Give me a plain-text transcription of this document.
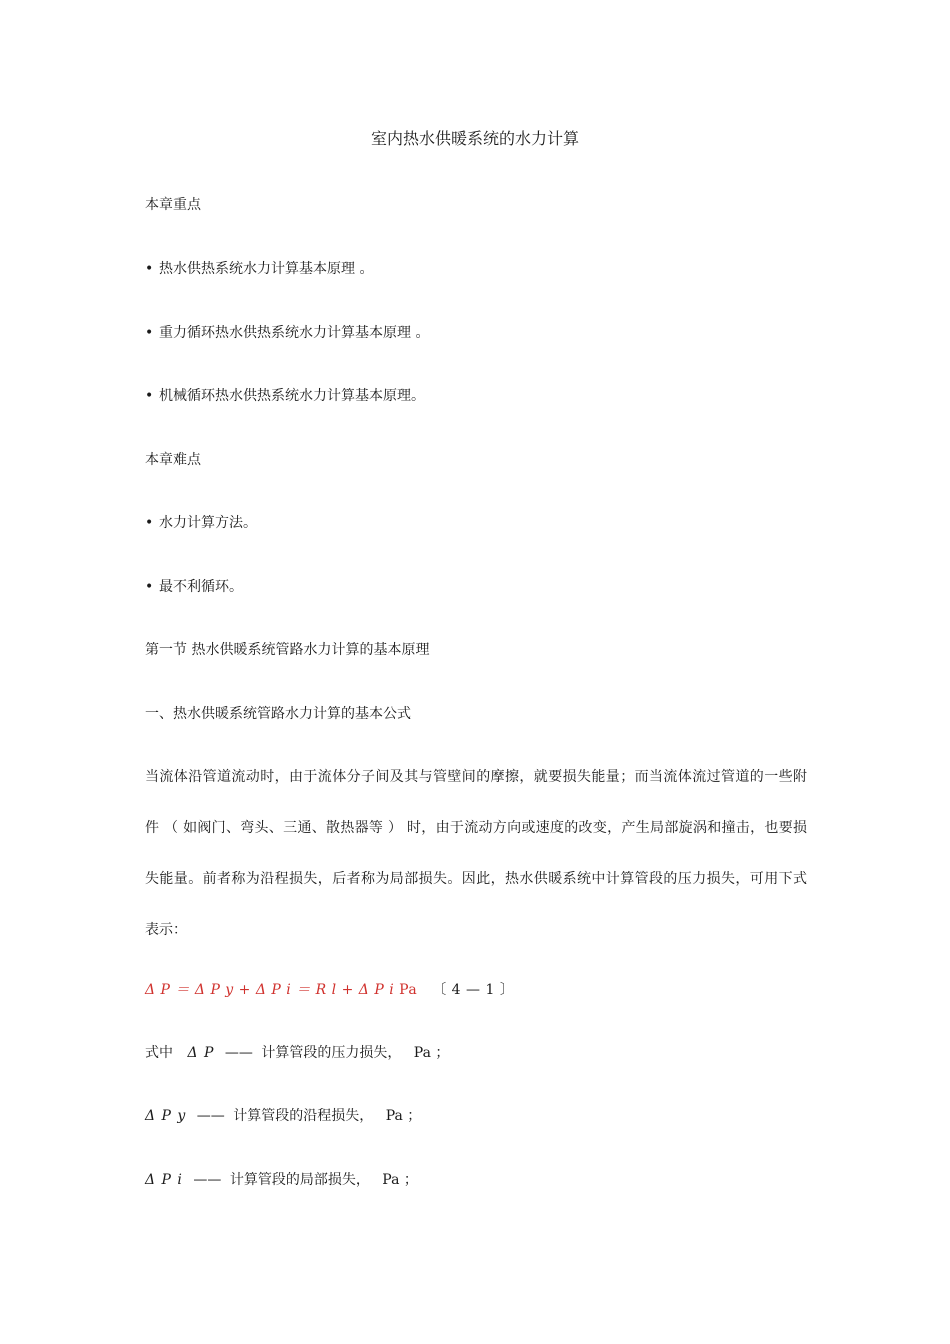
室内热水供暖系统的水力计算
本章重点
• 热水供热系统水力计算基本原理 。
• 重力循环热水供热系统水力计算基本原理 。
• 机械循环热水供热系统水力计算基本原理。
本章难点
• 水力计算方法。
• 最不利循环。
第一节 热水供暖系统管路水力计算的基本原理
一、热水供暖系统管路水力计算的基本公式
当流体沿管道流动时，由于流体分子间及其与管壁间的摩擦，就要损失能量；而当流体流过管道的一些附
件 （ 如阀门、弯头、三通、散热器等 ） 时，由于流动方向或速度的改变，产生局部旋涡和撞击，也要损
失能量。前者称为沿程损失，后者称为局部损失。因此，热水供暖系统中计算管段的压力损失，可用下式
表示：
Δ P ＝ Δ P y + Δ P i ＝ R l + Δ P i Pa 〔 4 — 1 〕
式中 Δ P —— 计算管段的压力损失， Pa ；
Δ P y —— 计算管段的沿程损失， Pa ；
Δ P i —— 计算管段的局部损失， Pa ；
